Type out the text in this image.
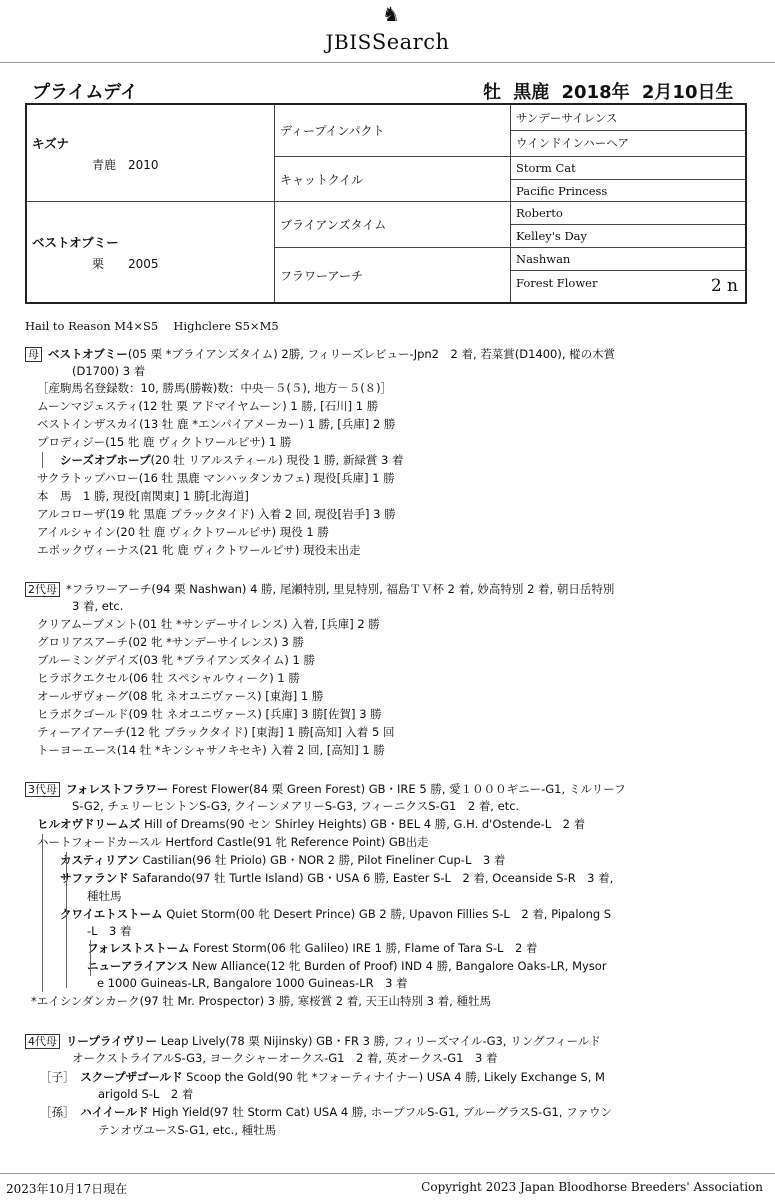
♞
JBISSearch
プライムデイ	牡 黒鹿 2018年 2月10日生
キズナ
青鹿　2010	ディープインパクト	サンデーサイレンス
		ウインドインハーヘア
	キャットクイル	Storm Cat
		Pacific Princess

ベストオブミー
栗　　2005	ブライアンズタイム	Roberto
		Kelley's Day
	フラワーアーチ	Nashwan
		Forest Flower 2 n
Hail to Reason M4×S5　 Highclere S5×M5
母 ベストオブミー(05 栗 *ブライアンズタイム) 2勝, フィリーズレビュー-Jpn2　2 着, 若菜賞(D1400), 樅の木賞
(D1700) 3 着
［産駒馬名登録数：10, 勝馬(勝鞍)数：中央－５(５), 地方－５(８)］
ムーンマジェスティ(12 牡 栗 アドマイヤムーン) 1 勝, [石川] 1 勝
ベストインザスカイ(13 牡 鹿 *エンパイアメーカー) 1 勝, [兵庫] 2 勝
プロディジー(15 牝 鹿 ヴィクトワールピサ) 1 勝
シーズオブホープ(20 牡 リアルスティール) 現役 1 勝, 新緑賞 3 着
サクラトップハロー(16 牡 黒鹿 マンハッタンカフェ) 現役[兵庫] 1 勝
本　馬　1 勝, 現役[南関東] 1 勝[北海道]
アルコローザ(19 牝 黒鹿 ブラックタイド) 入着 2 回, 現役[岩手] 3 勝
アイルシャイン(20 牡 鹿 ヴィクトワールピサ) 現役 1 勝
エポックヴィーナス(21 牝 鹿 ヴィクトワールピサ) 現役未出走
2代母 *フラワーアーチ(94 栗 Nashwan) 4 勝, 尾瀬特別, 里見特別, 福島ＴＶ杯 2 着, 妙高特別 2 着, 朝日岳特別
3 着, etc.
クリアムーブメント(01 牡 *サンデーサイレンス) 入着, [兵庫] 2 勝
グロリアスアーチ(02 牝 *サンデーサイレンス) 3 勝
ブルーミングデイズ(03 牝 *ブライアンズタイム) 1 勝
ヒラボクエクセル(06 牡 スペシャルウィーク) 1 勝
オールザヴォーグ(08 牝 ネオユニヴァース) [東海] 1 勝
ヒラボクゴールド(09 牡 ネオユニヴァース) [兵庫] 3 勝[佐賀] 3 勝
ティーアイアーチ(12 牝 ブラックタイド) [東海] 1 勝[高知] 入着 5 回
トーヨーエース(14 牡 *キンシャサノキセキ) 入着 2 回, [高知] 1 勝
3代母 フォレストフラワー Forest Flower(84 栗 Green Forest) GB・IRE 5 勝, 愛１０００ギニー-G1, ミルリーフ
S-G2, チェリーヒントンS-G3, クイーンメアリーS-G3, フィーニクスS-G1　2 着, etc.
ヒルオヴドリームズ Hill of Dreams(90 セン Shirley Heights) GB・BEL 4 勝, G.H. d'Ostende-L　2 着
ハートフォードカースル Hertford Castle(91 牝 Reference Point) GB出走
カスティリアン Castilian(96 牡 Priolo) GB・NOR 2 勝, Pilot Fineliner Cup-L　3 着
サファランド Safarando(97 牡 Turtle Island) GB・USA 6 勝, Easter S-L　2 着, Oceanside S-R　3 着,
種牡馬
クワイエトストーム Quiet Storm(00 牝 Desert Prince) GB 2 勝, Upavon Fillies S-L　2 着, Pipalong S
-L　3 着
フォレストストーム Forest Storm(06 牝 Galileo) IRE 1 勝, Flame of Tara S-L　2 着
ニューアライアンス New Alliance(12 牝 Burden of Proof) IND 4 勝, Bangalore Oaks-LR, Mysor
e 1000 Guineas-LR, Bangalore 1000 Guineas-LR　3 着
*エイシンダンカーク(97 牡 Mr. Prospector) 3 勝, 寒桜賞 2 着, 天王山特別 3 着, 種牡馬
4代母 リープライヴリー Leap Lively(78 栗 Nijinsky) GB・FR 3 勝, フィリーズマイル-G3, リングフィールド
オークストライアルS-G3, ヨークシャーオークス-G1　2 着, 英オークス-G1　3 着
［子］　スクープザゴールド Scoop the Gold(90 牝 *フォーティナイナー) USA 4 勝, Likely Exchange S, M
arigold S-L　2 着
［孫］　ハイイールド High Yield(97 牡 Storm Cat) USA 4 勝, ホープフルS-G1, ブルーグラスS-G1, ファウン
テンオヴユースS-G1, etc., 種牡馬
2023年10月17日現在	Copyright 2023 Japan Bloodhorse Breeders' Association
